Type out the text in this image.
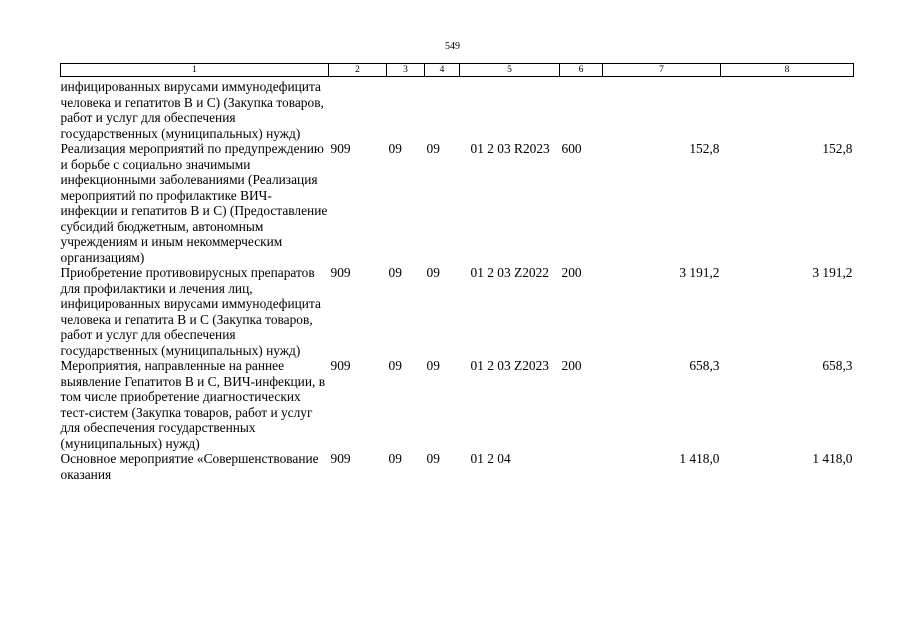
549
1	2	3	4	5	6	7	8
инфицированных вирусами иммунодефицита человека и гепатитов В и С) (Закупка товаров, работ и услуг для обеспечения государственных (муниципальных) нужд)							
Реализация мероприятий по предупреждению и борьбе с социально значимыми инфекционными заболеваниями (Реализация мероприятий по профилактике ВИЧ-инфекции и гепатитов В и С) (Предоставление субсидий бюджетным, автономным учреждениям и иным некоммерческим организациям)	909	09	09	01 2 03 R2023	600	152,8	152,8
Приобретение противовирусных препаратов для профилактики и лечения лиц, инфицированных вирусами иммунодефицита человека и гепатита В и С (Закупка товаров, работ и услуг для обеспечения государственных (муниципальных) нужд)	909	09	09	01 2 03 Z2022	200	3 191,2	3 191,2
Мероприятия, направленные на раннее выявление Гепатитов В и С, ВИЧ-инфекции, в том числе приобретение диагностических тест-систем (Закупка товаров, работ и услуг для обеспечения государственных (муниципальных) нужд)	909	09	09	01 2 03 Z2023	200	658,3	658,3
Основное мероприятие «Совершенствование оказания	909	09	09	01 2 04		1 418,0	1 418,0
